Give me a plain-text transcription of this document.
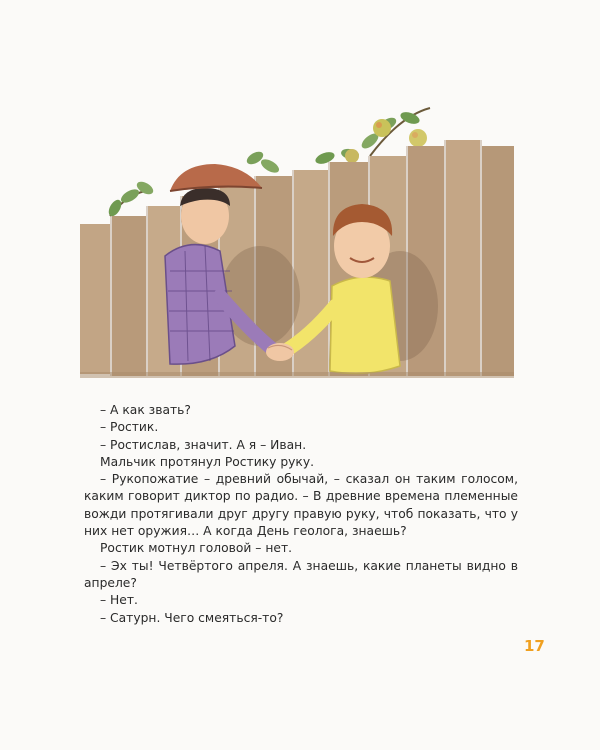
– А как звать?

– Ростик.

– Ростислав, значит. А я – Иван.

Мальчик протянул Ростику руку.

– Рукопожатие – древний обычай, – сказал он таким голосом, каким говорит диктор по радио. – В древние времена племенные вожди протягивали друг другу правую руку, чтоб показать, что у них нет оружия… А когда День геолога, знаешь?

Ростик мотнул головой – нет.

– Эх ты! Четвёртого апреля. А знаешь, какие планеты видно в апреле?

– Нет.

– Сатурн. Чего смеяться-то?

17
